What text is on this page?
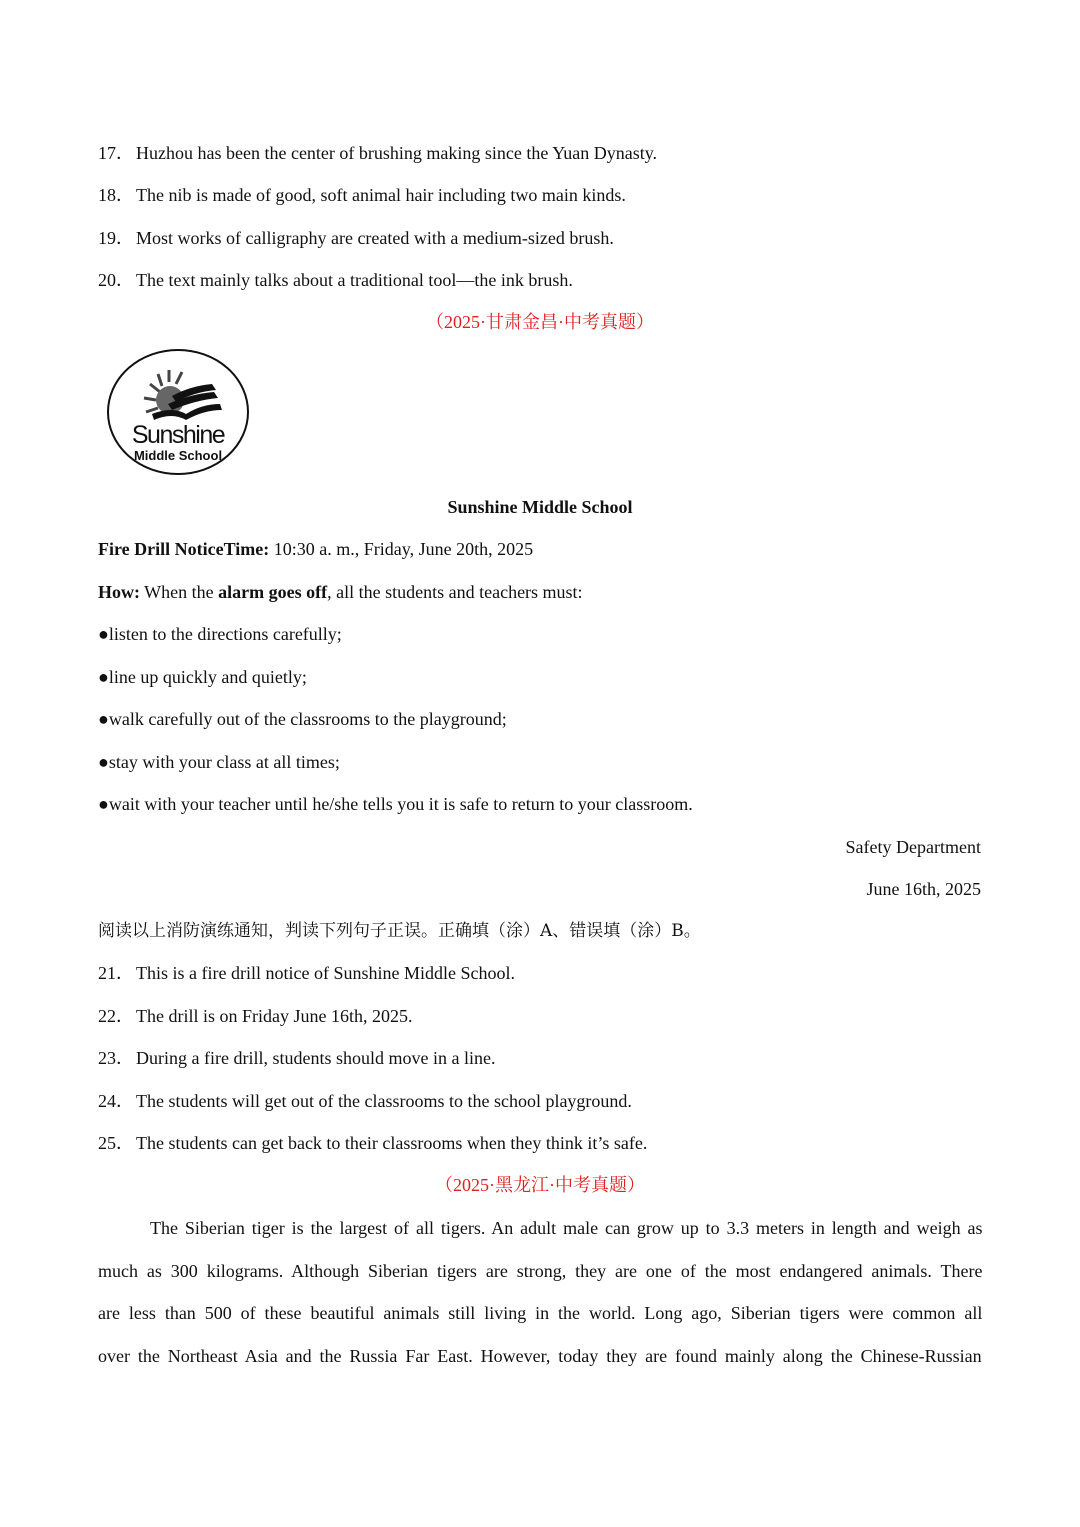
17． Huzhou has been the center of brushing making since the Yuan Dynasty.
18． The nib is made of good, soft animal hair including two main kinds.
19． Most works of calligraphy are created with a medium-sized brush.
20． The text mainly talks about a traditional tool—the ink brush.
（2025·甘肃金昌·中考真题）
Sunshine
Middle School
Sunshine Middle School
Fire Drill NoticeTime: 10:30 a. m., Friday, June 20th, 2025
How: When the alarm goes off, all the students and teachers must:
●listen to the directions carefully;
●line up quickly and quietly;
●walk carefully out of the classrooms to the playground;
●stay with your class at all times;
●wait with your teacher until he/she tells you it is safe to return to your classroom.
Safety Department
June 16th, 2025
阅读以上消防演练通知，判读下列句子正误。正确填（涂）A、错误填（涂）B。
21． This is a fire drill notice of Sunshine Middle School.
22． The drill is on Friday June 16th, 2025.
23． During a fire drill, students should move in a line.
24． The students will get out of the classrooms to the school playground.
25． The students can get back to their classrooms when they think it’s safe.
（2025·黑龙江·中考真题）
The Siberian tiger is the largest of all tigers. An adult male can grow up to 3.3 meters in length and weigh as
much as 300 kilograms. Although Siberian tigers are strong, they are one of the most endangered animals. There
are less than 500 of these beautiful animals still living in the world. Long ago, Siberian tigers were common all
over the Northeast Asia and the Russia Far East. However, today they are found mainly along the Chinese-Russian
